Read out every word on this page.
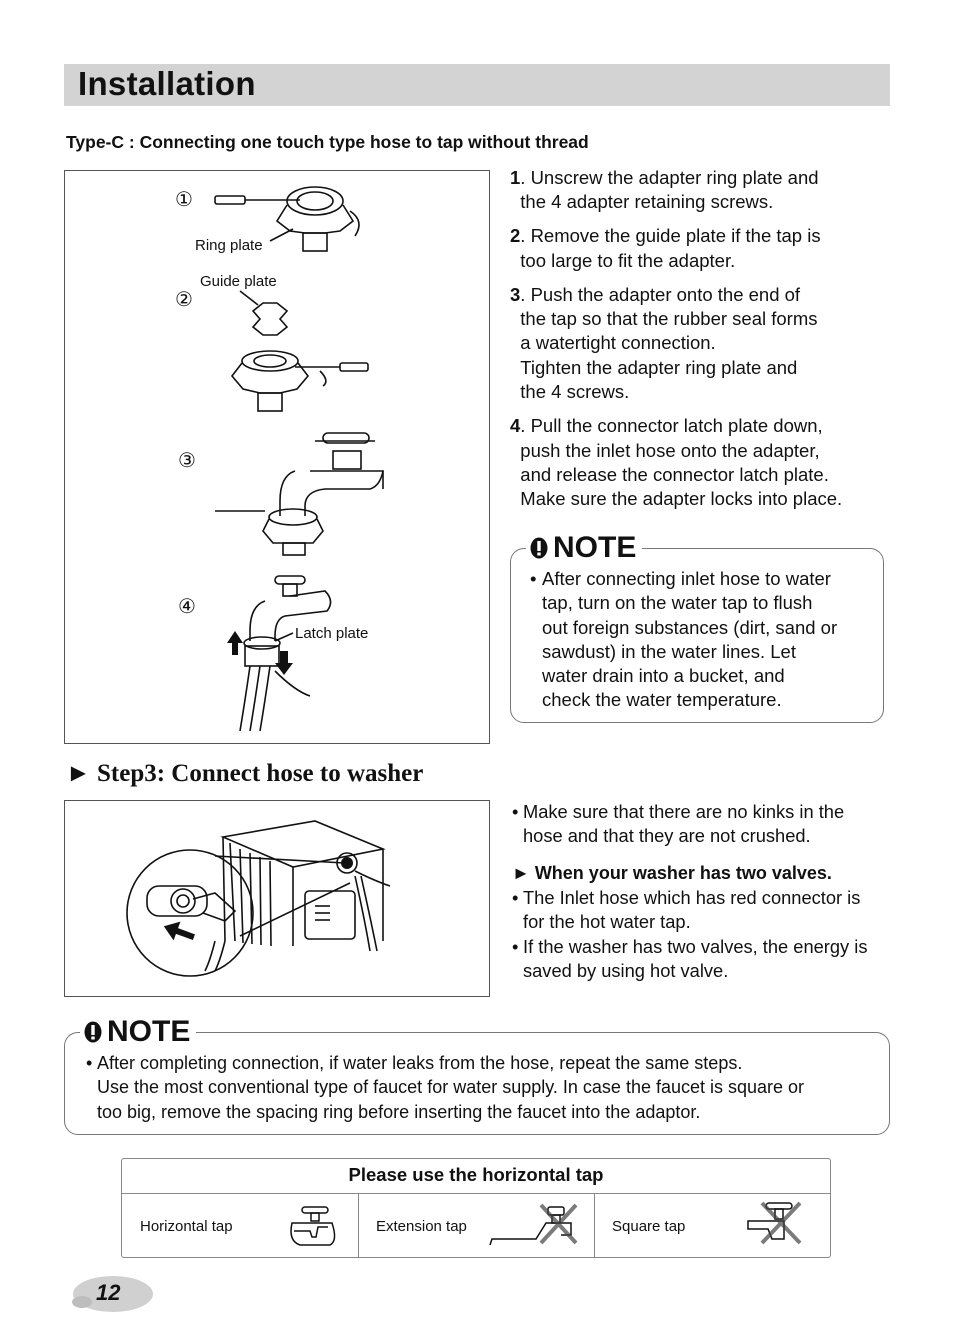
Installation
Type-C : Connecting one touch type hose to tap without thread
①
②
③
④
Ring plate
Guide plate
Latch plate
1 . Unscrew the adapter ring plate and
the 4 adapter retaining screws.
2 . Remove the guide plate if the tap is
too large to fit the adapter.
3 . Push the adapter onto the end of
the tap so that the rubber seal forms
a watertight connection.
Tighten the adapter ring plate and
the 4 screws.
4 . Pull the connector latch plate down,
push the inlet hose onto the adapter,
and release the connector latch plate.
Make sure the adapter locks into place.
NOTE
• After connecting inlet hose to water
tap, turn on the water tap to flush
out foreign substances (dirt, sand or
sawdust) in the water lines. Let
water drain into a bucket, and
check the water temperature.
► Step3: Connect hose to washer
• Make sure that there are no kinks in the
hose and that they are not crushed.
► When your washer has two valves.
• The Inlet hose which has red connector is
for the hot water tap.
• If the washer has two valves, the energy is
saved by using hot valve.
NOTE
• After completing connection, if water leaks from the hose, repeat the same steps.
Use the most conventional type of faucet for water supply. In case the faucet is square or
too big, remove the spacing ring before inserting the faucet into the adaptor.
Please use the horizontal tap
Horizontal tap	Extension tap	Square tap
12
